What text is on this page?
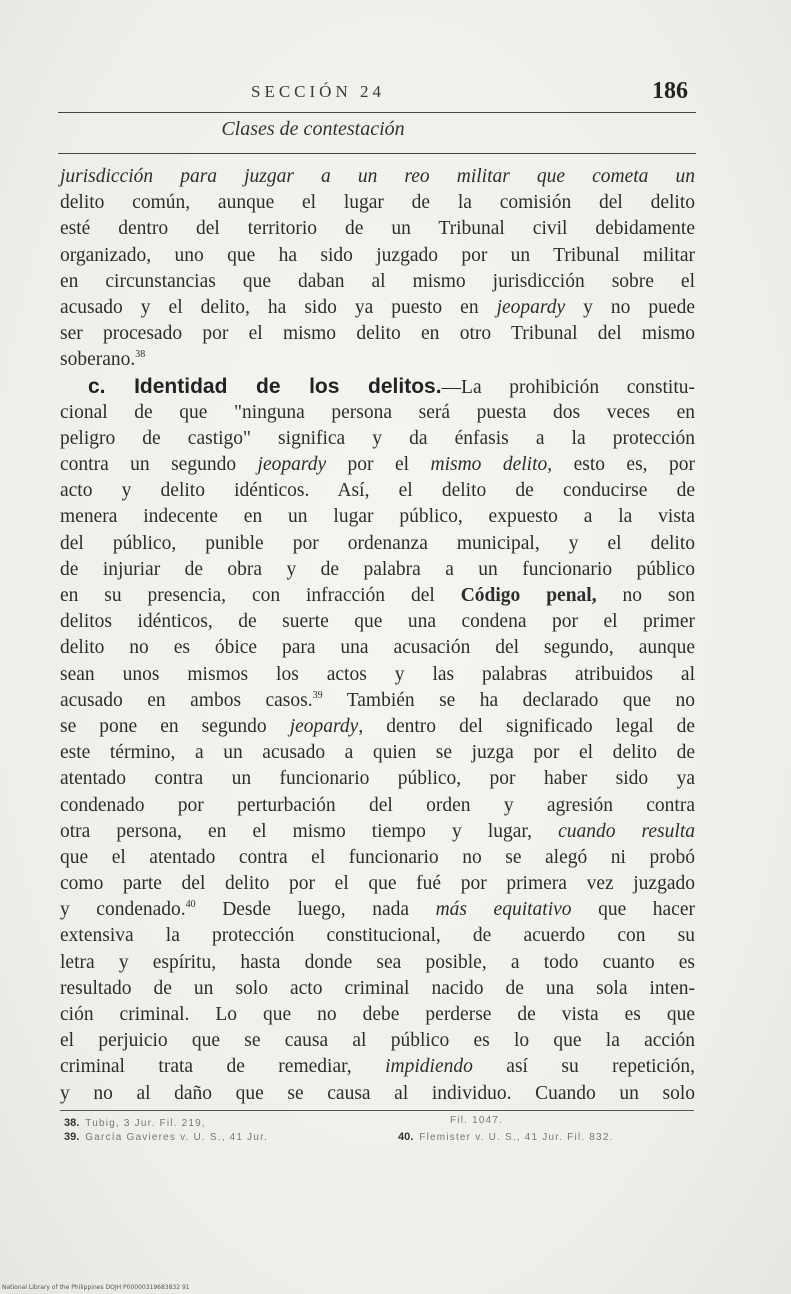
SECCIÓN 24	186
Clases de contestación
jurisdicción para juzgar a un reo militar que cometa un
delito común, aunque el lugar de la comisión del delito
esté dentro del territorio de un Tribunal civil debidamente
organizado, uno que ha sido juzgado por un Tribunal militar
en circunstancias que daban al mismo jurisdicción sobre el
acusado y el delito, ha sido ya puesto en jeopardy y no puede
ser procesado por el mismo delito en otro Tribunal del mismo
soberano.$^{38}$
c. Identidad de los delitos.—La prohibición constitu-
cional de que "ninguna persona será puesta dos veces en
peligro de castigo" significa y da énfasis a la protección
contra un segundo jeopardy por el mismo delito, esto es, por
acto y delito idénticos. Así, el delito de conducirse de
menera indecente en un lugar público, expuesto a la vista
del público, punible por ordenanza municipal, y el delito
de injuriar de obra y de palabra a un funcionario público
en su presencia, con infracción del Código penal, no son
delitos idénticos, de suerte que una condena por el primer
delito no es óbice para una acusación del segundo, aunque
sean unos mismos los actos y las palabras atribuidos al
acusado en ambos casos.$^{39}$ También se ha declarado que no
se pone en segundo jeopardy, dentro del significado legal de
este término, a un acusado a quien se juzga por el delito de
atentado contra un funcionario público, por haber sido ya
condenado por perturbación del orden y agresión contra
otra persona, en el mismo tiempo y lugar, cuando resulta
que el atentado contra el funcionario no se alegó ni probó
como parte del delito por el que fué por primera vez juzgado
y condenado.$^{40}$ Desde luego, nada más equitativo que hacer
extensiva la protección constitucional, de acuerdo con su
letra y espíritu, hasta donde sea posible, a todo cuanto es
resultado de un solo acto criminal nacido de una sola inten-
ción criminal. Lo que no debe perderse de vista es que
el perjuicio que se causa al público es lo que la acción
criminal trata de remediar, impidiendo así su repetición,
y no al daño que se causa al individuo. Cuando un solo
38. Tubig, 3 Jur. Fil. 219,
39. García Gavieres v. U. S., 41 Jur.
Fil. 1047.
40. Flemister v. U. S., 41 Jur. Fil. 832.
National Library of the Philippines DOJH P00000319683832 91
